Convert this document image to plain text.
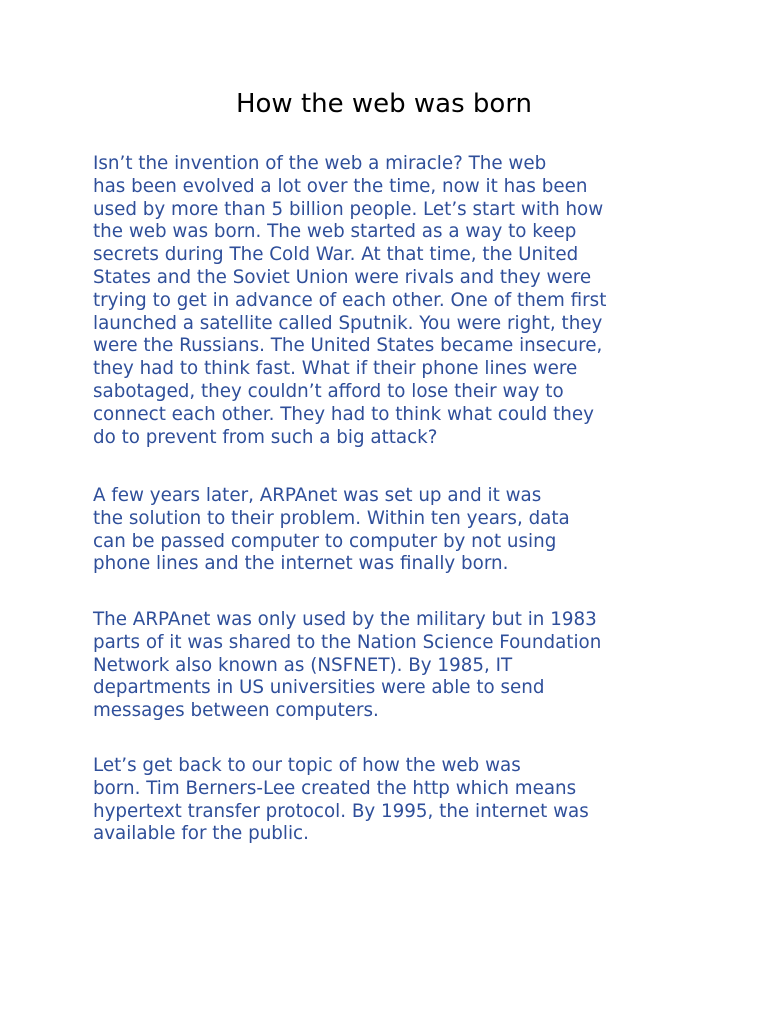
How the web was born

Isn’t the invention of the web a miracle? The web
has been evolved a lot over the time, now it has been
used by more than 5 billion people. Let’s start with how
the web was born. The web started as a way to keep
secrets during The Cold War. At that time, the United
States and the Soviet Union were rivals and they were
trying to get in advance of each other. One of them first
launched a satellite called Sputnik. You were right, they
were the Russians. The United States became insecure,
they had to think fast. What if their phone lines were
sabotaged, they couldn’t afford to lose their way to
connect each other. They had to think what could they
do to prevent from such a big attack?

A few years later, ARPAnet was set up and it was
the solution to their problem. Within ten years, data
can be passed computer to computer by not using
phone lines and the internet was finally born.

The ARPAnet was only used by the military but in 1983
parts of it was shared to the Nation Science Foundation
Network also known as (NSFNET). By 1985, IT
departments in US universities were able to send
messages between computers.

Let’s get back to our topic of how the web was
born. Tim Berners-Lee created the http which means
hypertext transfer protocol. By 1995, the internet was
available for the public.
